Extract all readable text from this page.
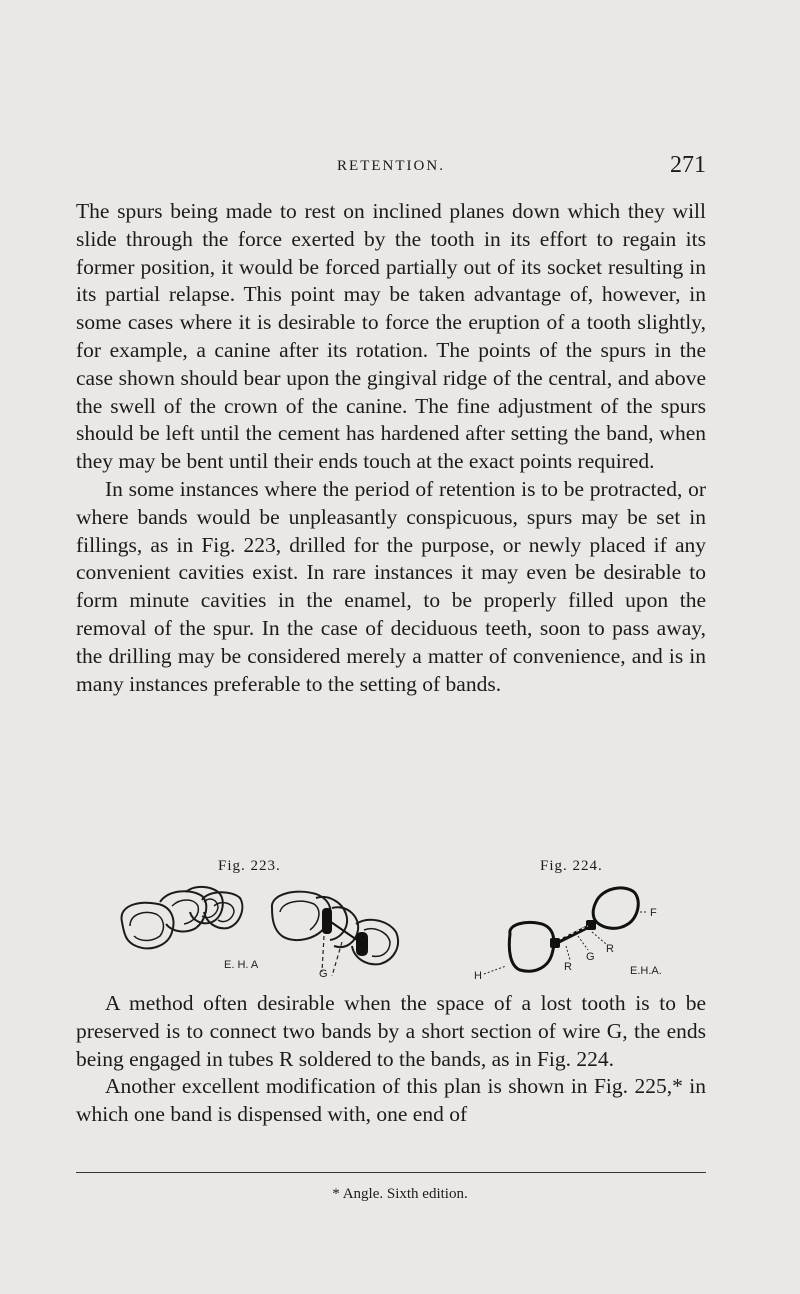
RETENTION.	271

The spurs being made to rest on inclined planes down which they will slide through the force exerted by the tooth in its effort to regain its former position, it would be forced partially out of its socket resulting in its partial relapse. This point may be taken advantage of, however, in some cases where it is desirable to force the eruption of a tooth slightly, for example, a canine after its rotation. The points of the spurs in the case shown should bear upon the gingival ridge of the central, and above the swell of the crown of the canine. The fine adjustment of the spurs should be left until the cement has hardened after setting the band, when they may be bent until their ends touch at the exact points required.

In some instances where the period of retention is to be protracted, or where bands would be unpleasantly conspicuous, spurs may be set in fillings, as in Fig. 223, drilled for the purpose, or newly placed if any convenient cavities exist. In rare instances it may even be desirable to form minute cavities in the enamel, to be properly filled upon the removal of the spur. In the case of deciduous teeth, soon to pass away, the drilling may be considered merely a matter of convenience, and is in many instances preferable to the setting of bands.

Fig. 223.	Fig. 224.
E. H. A
G
F
H
G
R
R
E.H.A.

A method often desirable when the space of a lost tooth is to be preserved is to connect two bands by a short section of wire G, the ends being engaged in tubes R soldered to the bands, as in Fig. 224.

Another excellent modification of this plan is shown in Fig. 225,* in which one band is dispensed with, one end of

* Angle. Sixth edition.
